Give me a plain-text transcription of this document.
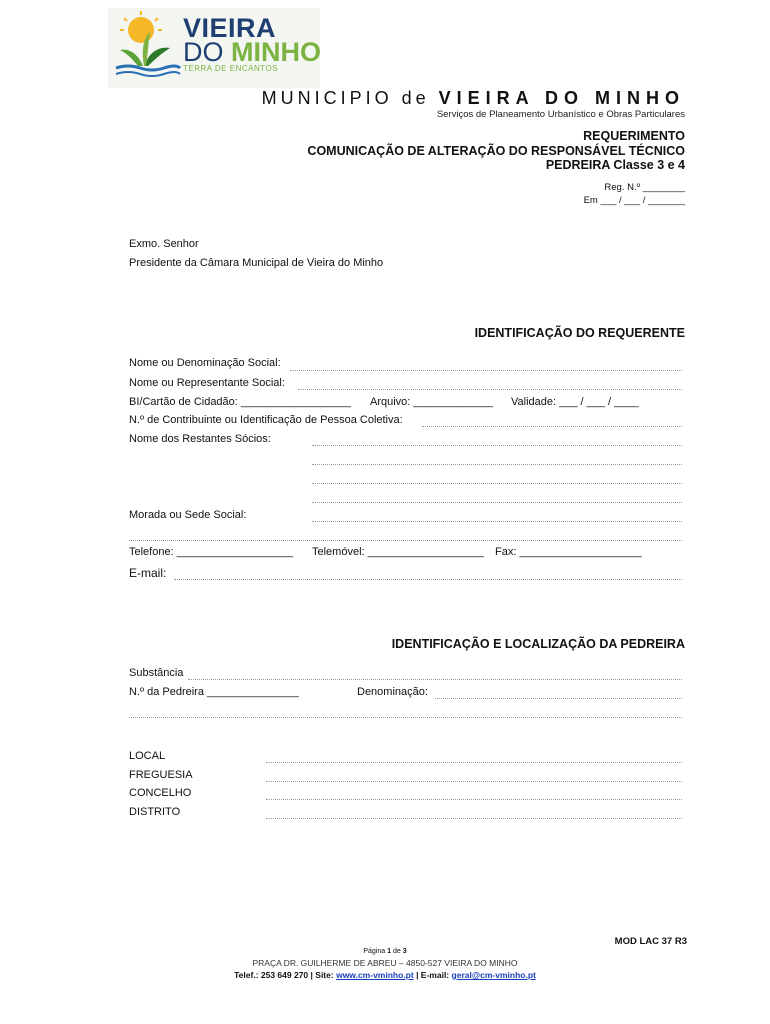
VIEIRA
DO MINHO
TERRA DE ENCANTOS
MUNICIPIO de VIEIRA DO MINHO
Serviços de Planeamento Urbanístico e Obras Particulares
REQUERIMENTO
COMUNICAÇÃO DE ALTERAÇÃO DO RESPONSÁVEL TÉCNICO
PEDREIRA Classe 3 e 4
Reg. N.º ________
Em ___ / ___ / _______
Exmo. Senhor
Presidente da Câmara Municipal de Vieira do Minho
IDENTIFICAÇÃO DO REQUERENTE
Nome ou Denominação Social:
Nome ou Representante Social:
BI/Cartão de Cidadão: __________________ Arquivo: _____________ Validade: ___ / ___ / ____
N.º de Contribuinte ou Identificação de Pessoa Coletiva:
Nome dos Restantes Sócios:
Morada ou Sede Social:
Telefone: ___________________ Telemóvel: ___________________ Fax: ____________________
E-mail:
IDENTIFICAÇÃO E LOCALIZAÇÃO DA PEDREIRA
Substância
N.º da Pedreira _______________	Denominação:
LOCAL
FREGUESIA
CONCELHO
DISTRITO
MOD LAC 37 R3
Página 1 de 3
PRAÇA DR. GUILHERME DE ABREU – 4850-527 VIEIRA DO MINHO
Telef.: 253 649 270 | Site: www.cm-vminho.pt | E-mail: geral@cm-vminho.pt
